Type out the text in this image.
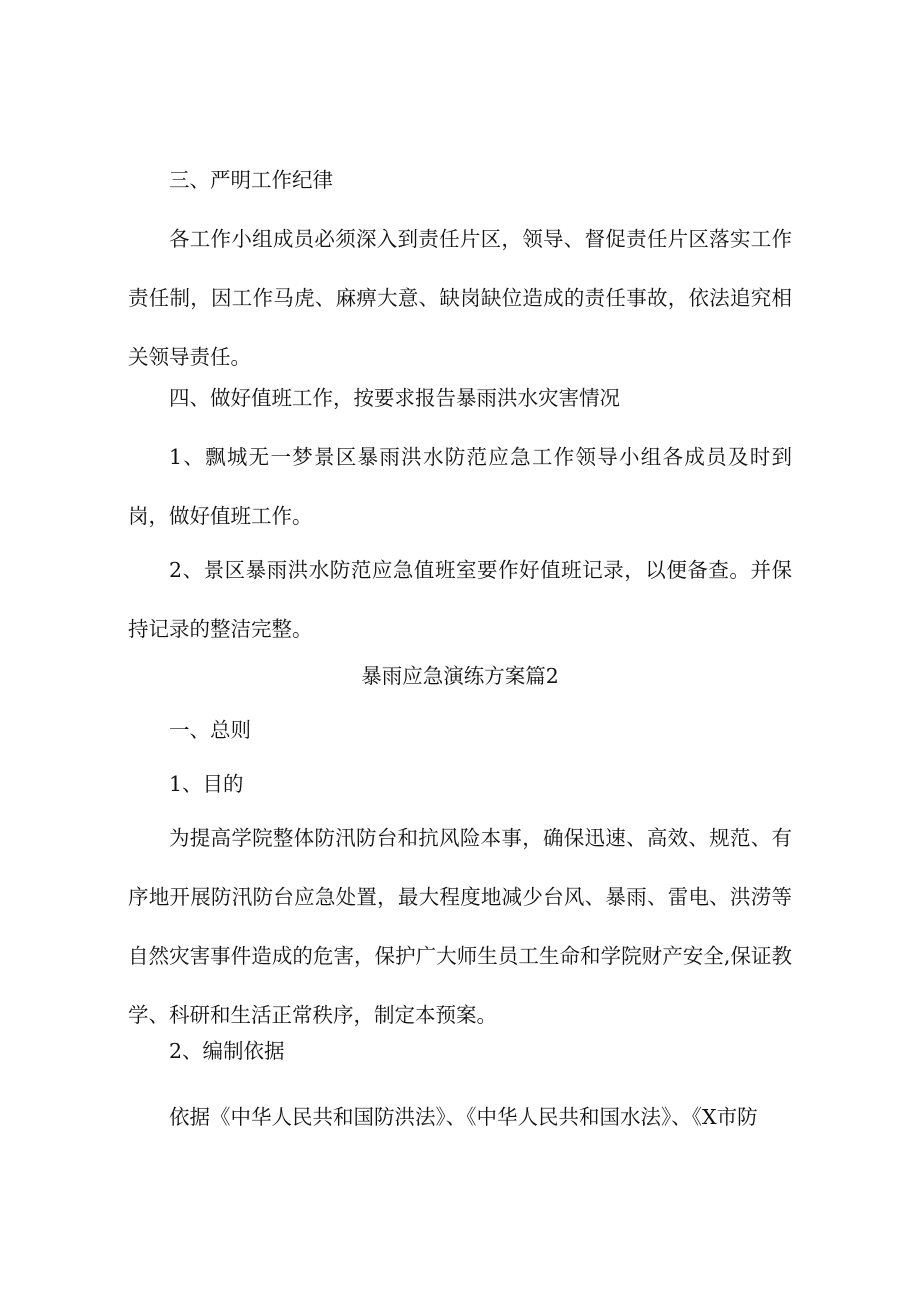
三、严明工作纪律

各工作小组成员必须深入到责任片区，领导、督促责任片区落实工作责任制，因工作马虎、麻痹大意、缺岗缺位造成的责任事故，依法追究相关领导责任。

四、做好值班工作，按要求报告暴雨洪水灾害情况

1、飘城无一梦景区暴雨洪水防范应急工作领导小组各成员及时到岗，做好值班工作。

2、景区暴雨洪水防范应急值班室要作好值班记录，以便备查。并保持记录的整洁完整。

暴雨应急演练方案篇2

一、总则

1、目的

为提高学院整体防汛防台和抗风险本事，确保迅速、高效、规范、有序地开展防汛防台应急处置，最大程度地减少台风、暴雨、雷电、洪涝等自然灾害事件造成的危害，保护广大师生员工生命和学院财产安全,保证教学、科研和生活正常秩序，制定本预案。

2、编制依据

依据《中华人民共和国防洪法》、《中华人民共和国水法》、《X市防
